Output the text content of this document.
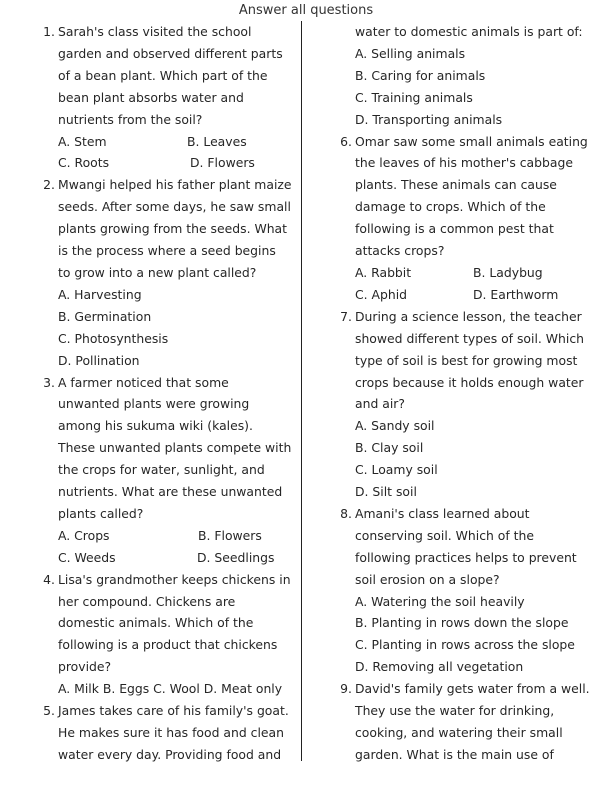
Answer all questions
1. Sarah's class visited the school
garden and observed different parts
of a bean plant. Which part of the
bean plant absorbs water and
nutrients from the soil?
A. Stem	B. Leaves
C. Roots	D. Flowers
2. Mwangi helped his father plant maize
seeds. After some days, he saw small
plants growing from the seeds. What
is the process where a seed begins
to grow into a new plant called?
A. Harvesting
B. Germination
C. Photosynthesis
D. Pollination
3. A farmer noticed that some
unwanted plants were growing
among his sukuma wiki (kales).
These unwanted plants compete with
the crops for water, sunlight, and
nutrients. What are these unwanted
plants called?
A. Crops	B. Flowers
C. Weeds	D. Seedlings
4. Lisa's grandmother keeps chickens in
her compound. Chickens are
domestic animals. Which of the
following is a product that chickens
provide?
A. Milk B. Eggs C. Wool D. Meat only
5. James takes care of his family's goat.
He makes sure it has food and clean
water every day. Providing food and
water to domestic animals is part of:
A. Selling animals
B. Caring for animals
C. Training animals
D. Transporting animals
6. Omar saw some small animals eating
the leaves of his mother's cabbage
plants. These animals can cause
damage to crops. Which of the
following is a common pest that
attacks crops?
A. Rabbit	B. Ladybug
C. Aphid	D. Earthworm
7. During a science lesson, the teacher
showed different types of soil. Which
type of soil is best for growing most
crops because it holds enough water
and air?
A. Sandy soil
B. Clay soil
C. Loamy soil
D. Silt soil
8. Amani's class learned about
conserving soil. Which of the
following practices helps to prevent
soil erosion on a slope?
A. Watering the soil heavily
B. Planting in rows down the slope
C. Planting in rows across the slope
D. Removing all vegetation
9. David's family gets water from a well.
They use the water for drinking,
cooking, and watering their small
garden. What is the main use of
